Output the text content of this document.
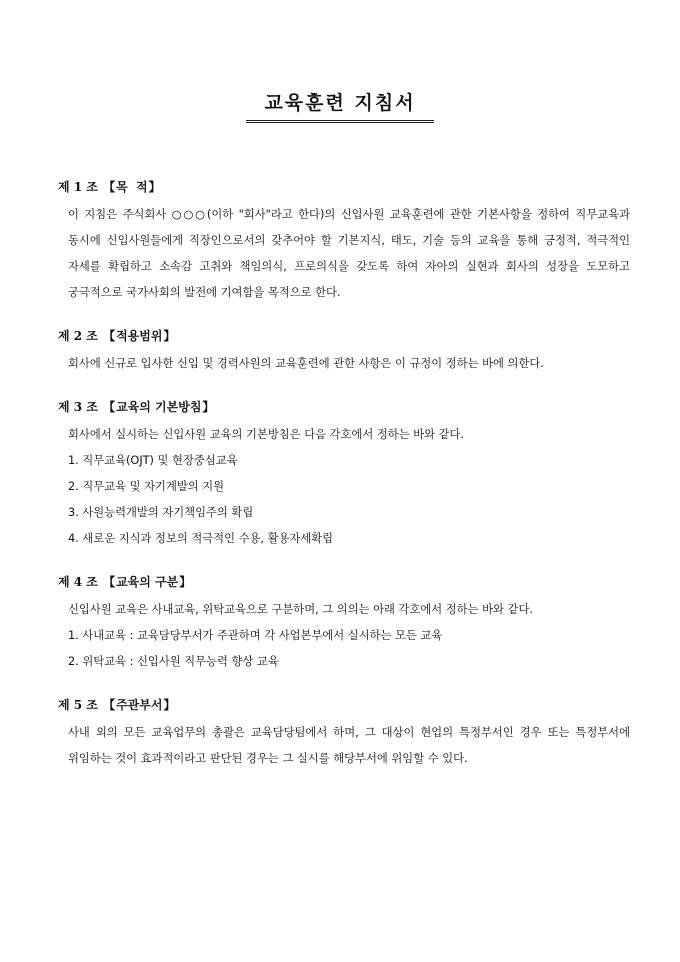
교육훈련 지침서
제 1 조 【목  적】
이 지침은 주식회사 ○○○(이하 "회사"라고 한다)의 신입사원 교육훈련에 관한 기본사항을 정하여 직무교육과 동시에 신입사원들에게 직장인으로서의 갖추어야 할 기본지식, 태도, 기술 등의 교육을 통해 긍정적, 적극적인 자세를 확립하고 소속감 고취와 책임의식, 프로의식을 갖도록 하여 자아의 실현과 회사의 성장을 도모하고 궁극적으로 국가사회의 발전에 기여함을 목적으로 한다.
제 2 조 【적용범위】
회사에 신규로 입사한 신입 및 경력사원의 교육훈련에 관한 사항은 이 규정이 정하는 바에 의한다.
제 3 조 【교육의 기본방침】
회사에서 실시하는 신입사원 교육의 기본방침은 다음 각호에서 정하는 바와 같다.
1. 직무교육(OJT) 및 현장중심교육
2. 직무교육 및 자기계발의 지원
3. 사원능력개발의 자기책임주의 확립
4. 새로운 지식과 정보의 적극적인 수용, 활용자세확립
제 4 조 【교육의 구분】
신입사원 교육은 사내교육, 위탁교육으로 구분하며, 그 의의는 아래 각호에서 정하는 바와 같다.
1. 사내교육 : 교육담당부서가 주관하며 각 사업본부에서 실시하는 모든 교육
2. 위탁교육 : 신입사원 직무능력 향상 교육
제 5 조 【주관부서】
사내 외의 모든 교육업무의 총괄은 교육담당팀에서 하며, 그 대상이 현업의 특정부서인 경우 또는 특정부서에 위임하는 것이 효과적이라고 판단된 경우는 그 실시를 해당부서에 위임할 수 있다.
